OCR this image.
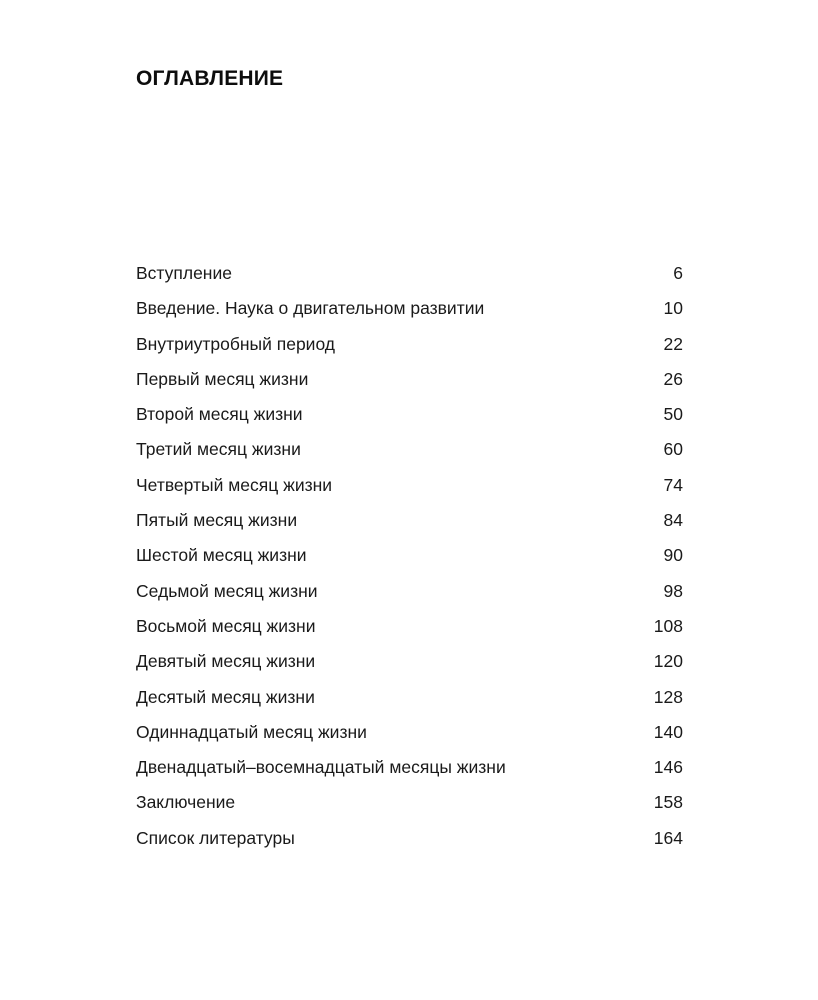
ОГЛАВЛЕНИЕ
Вступление	6
Введение. Наука о двигательном развитии	10
Внутриутробный период	22
Первый месяц жизни	26
Второй месяц жизни	50
Третий месяц жизни	60
Четвертый месяц жизни	74
Пятый месяц жизни	84
Шестой месяц жизни	90
Седьмой месяц жизни	98
Восьмой месяц жизни	108
Девятый месяц жизни	120
Десятый месяц жизни	128
Одиннадцатый месяц жизни	140
Двенадцатый–восемнадцатый месяцы жизни	146
Заключение	158
Список литературы	164
